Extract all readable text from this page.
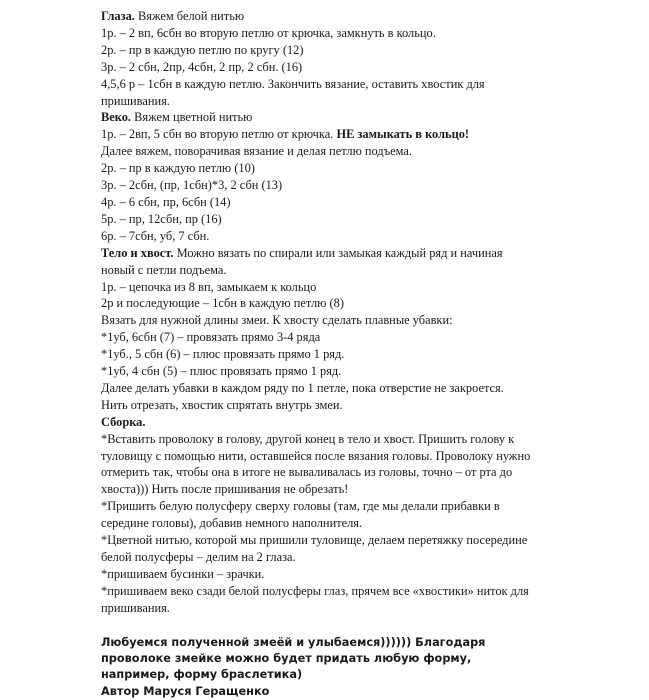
Глаза. Вяжем белой нитью
1р. – 2 вп, 6сбн во вторую петлю от крючка, замкнуть в кольцо.
2р. – пр в каждую петлю по кругу (12)
3р. – 2 сбн, 2пр, 4сбн, 2 пр, 2 сбн. (16)
4,5,6 р – 1сбн в каждую петлю. Закончить вязание, оставить хвостик для пришивания.
Веко. Вяжем цветной нитью
1р. – 2вп, 5 сбн во вторую петлю от крючка. НЕ замыкать в кольцо!
Далее вяжем, поворачивая вязание и делая петлю подъема.
2р. – пр в каждую петлю (10)
3р. – 2сбн, (пр, 1сбн)*3, 2 сбн (13)
4р. – 6 сбн, пр, 6сбн (14)
5р. – пр, 12сбн, пр (16)
6р. – 7сбн, уб, 7 сбн.
Тело и хвост. Можно вязать по спирали или замыкая каждый ряд и начиная новый с петли подъема.
1р. – цепочка из 8 вп, замыкаем к кольцо
2р и последующие – 1сбн в каждую петлю (8)
Вязать для нужной длины змеи. К хвосту сделать плавные убавки:
*1уб, 6сбн (7) – провязать прямо 3-4 ряда
*1уб., 5 сбн (6) – плюс провязать прямо 1 ряд.
*1уб, 4 сбн (5) – плюс провязать прямо 1 ряд.
Далее делать убавки в каждом ряду по 1 петле, пока отверстие не закроется.
Нить отрезать, хвостик спрятать внутрь змеи.
Сборка.
*Вставить проволоку в голову, другой конец в тело и хвост. Пришить голову к туловищу с помощью нити, оставшейся после вязания головы. Проволоку нужно отмерить так, чтобы она в итоге не вываливалась из головы, точно – от рта до хвоста))) Нить после пришивания не обрезать!
*Пришить белую полусферу сверху головы (там, где мы делали прибавки в середине головы), добавив немного наполнителя.
*Цветной нитью, которой мы пришили туловище, делаем перетяжку посередине белой полусферы – делим на 2 глаза.
*пришиваем бусинки – зрачки.
*пришиваем веко сзади белой полусферы глаз, прячем все «хвостики» ниток для пришивания.
Любуемся полученной змеёй и улыбаемся)))))) Благодаря проволоке змейке можно будет придать любую форму, например, форму браслетика)
Автор Маруся Геращенко
